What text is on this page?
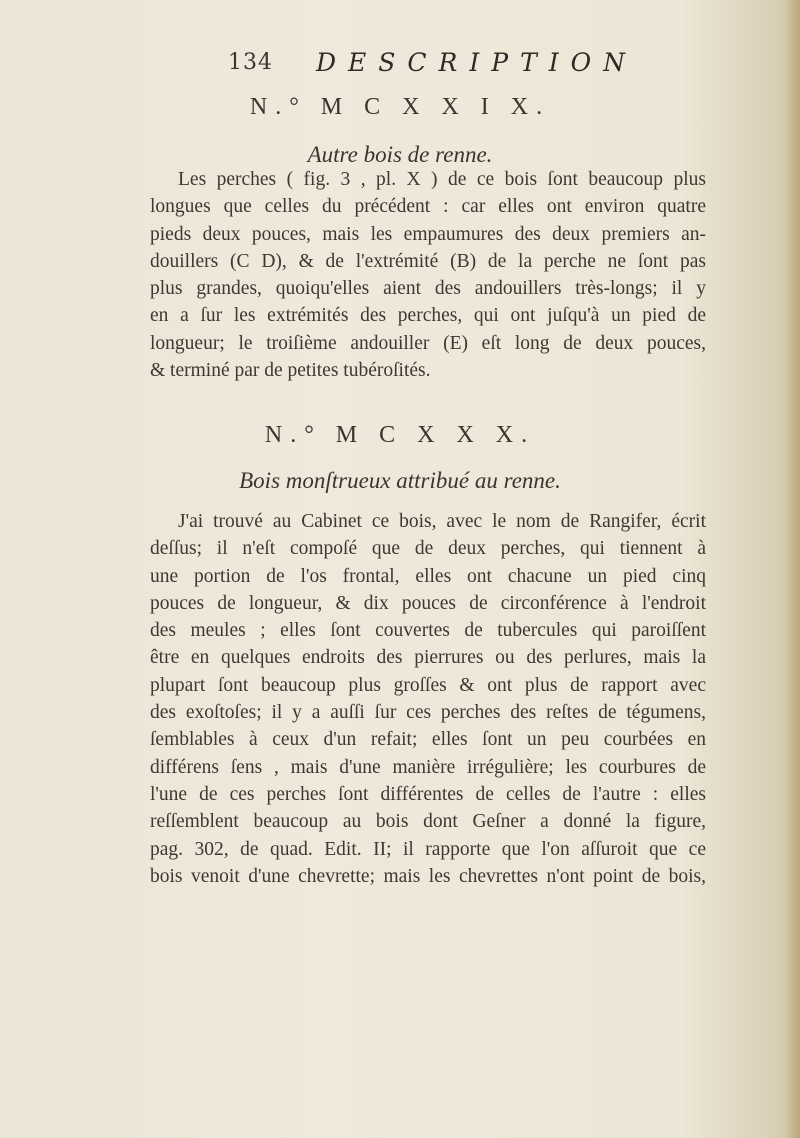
134 DESCRIPTION
N.° M C X X I X.
Autre bois de renne.
Les perches ( fig. 3 , pl. X ) de ce bois ſont beaucoup plus
longues que celles du précédent : car elles ont environ quatre
pieds deux pouces, mais les empaumures des deux premiers an-
douillers (C D), & de l'extrémité (B) de la perche ne ſont pas
plus grandes, quoiqu'elles aient des andouillers très-longs; il y
en a ſur les extrémités des perches, qui ont juſqu'à un pied de
longueur; le troiſième andouiller (E) eſt long de deux pouces,
& terminé par de petites tubéroſités.
N.° M C X X X.
Bois monſtrueux attribué au renne.
J'ai trouvé au Cabinet ce bois, avec le nom de Rangifer, écrit
deſſus; il n'eſt compoſé que de deux perches, qui tiennent à
une portion de l'os frontal, elles ont chacune un pied cinq
pouces de longueur, & dix pouces de circonférence à l'endroit
des meules ; elles ſont couvertes de tubercules qui paroiſſent
être en quelques endroits des pierrures ou des perlures, mais la
plupart ſont beaucoup plus groſſes & ont plus de rapport avec
des exoſtoſes; il y a auſſi ſur ces perches des reſtes de tégumens,
ſemblables à ceux d'un refait; elles ſont un peu courbées en
différens ſens , mais d'une manière irrégulière; les courbures de
l'une de ces perches ſont différentes de celles de l'autre : elles
reſſemblent beaucoup au bois dont Geſner a donné la figure,
pag. 302, de quad. Edit. II; il rapporte que l'on aſſuroit que ce
bois venoit d'une chevrette; mais les chevrettes n'ont point de bois,
